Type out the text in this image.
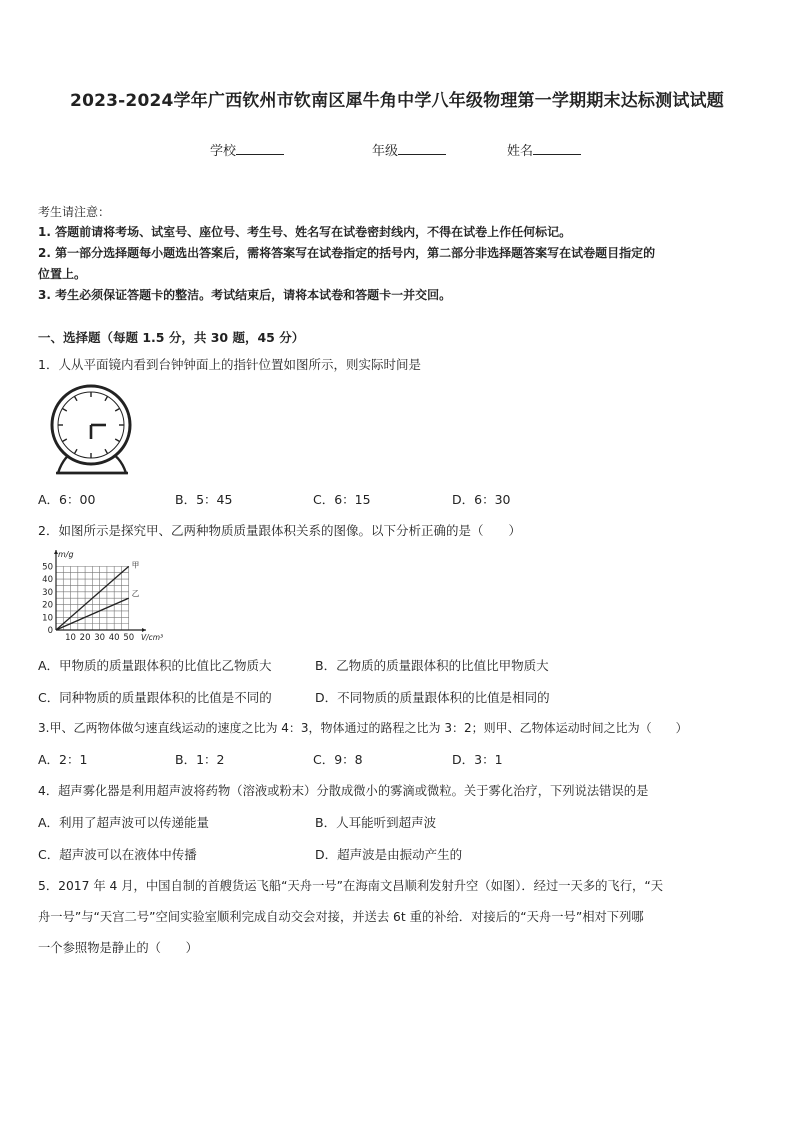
2023-2024学年广西钦州市钦南区犀牛角中学八年级物理第一学期期末达标测试试题
学校	年级	姓名
考生请注意：
1. 答题前请将考场、试室号、座位号、考生号、姓名写在试卷密封线内，不得在试卷上作任何标记。
2. 第一部分选择题每小题选出答案后，需将答案写在试卷指定的括号内，第二部分非选择题答案写在试卷题目指定的
位置上。
3. 考生必须保证答题卡的整洁。考试结束后，请将本试卷和答题卡一并交回。
一、选择题（每题 1.5 分，共 30 题，45 分）
1．人从平面镜内看到台钟钟面上的指针位置如图所示，则实际时间是
A．6：00	B．5：45	C．6：15	D．6：30
2．如图所示是探究甲、乙两种物质质量跟体积关系的图像。以下分析正确的是（　　）
0
10
20
30
40
50
10 20 30 40 50
m/g
V/cm³
甲
乙
A．甲物质的质量跟体积的比值比乙物质大	B．乙物质的质量跟体积的比值比甲物质大
C．同种物质的质量跟体积的比值是不同的	D．不同物质的质量跟体积的比值是相同的
3.甲、乙两物体做匀速直线运动的速度之比为 4：3，物体通过的路程之比为 3：2；则甲、乙物体运动时间之比为（　　）
A．2：1	B．1：2	C．9：8	D．3：1
4．超声雾化器是利用超声波将药物（溶液或粉末）分散成微小的雾滴或微粒。关于雾化治疗，下列说法错误的是
A．利用了超声波可以传递能量	B．人耳能听到超声波
C．超声波可以在液体中传播	D．超声波是由振动产生的
5．2017 年 4 月，中国自制的首艘货运飞船“天舟一号”在海南文昌顺利发射升空（如图）．经过一天多的飞行，“天
舟一号”与“天宫二号”空间实验室顺利完成自动交会对接，并送去 6t 重的补给．对接后的“天舟一号”相对下列哪
一个参照物是静止的（　　）
